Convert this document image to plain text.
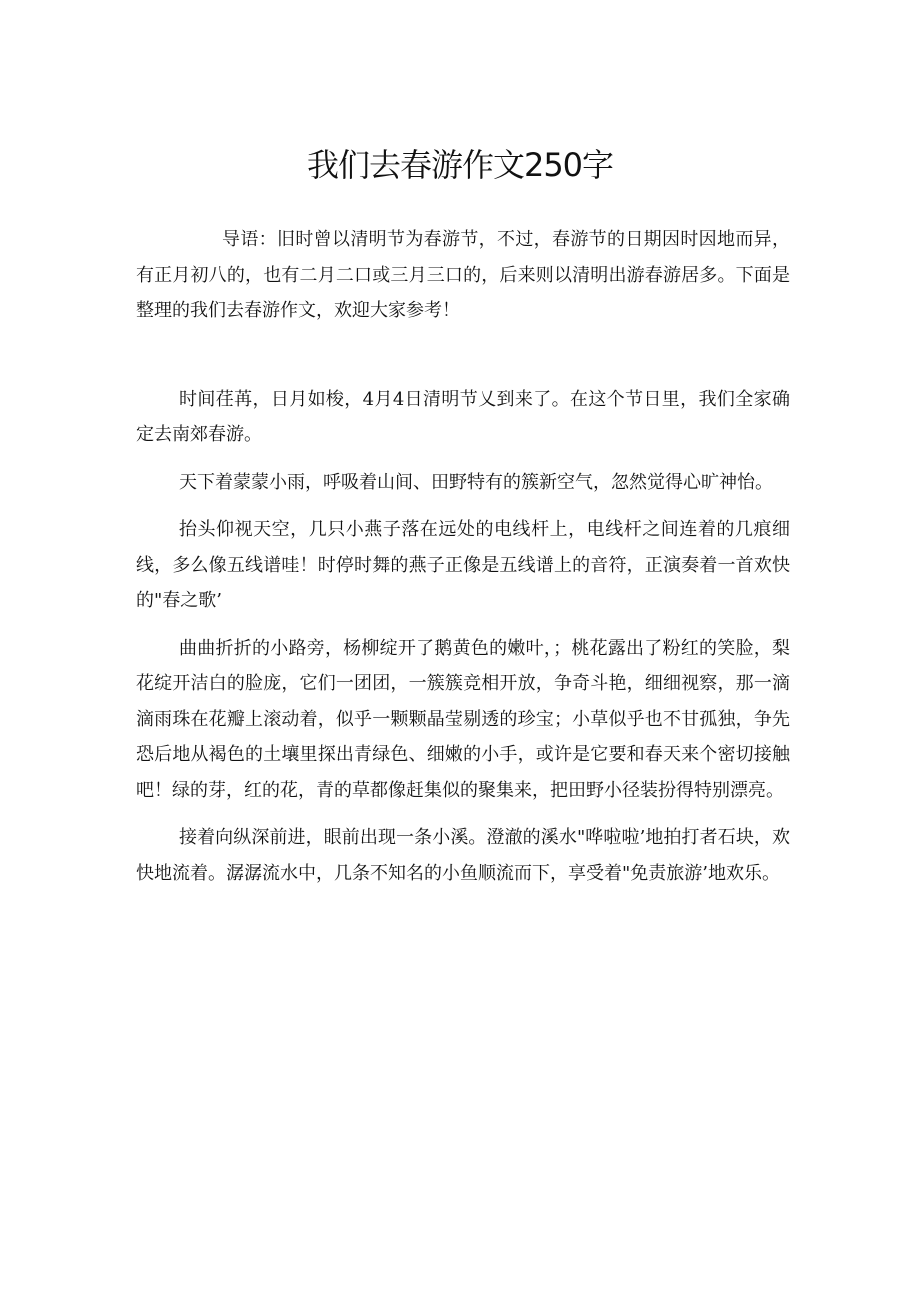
我们去春游作文250字

导语：旧时曾以清明节为春游节，不过，春游节的日期因时因地而异，有正月初八的，也有二月二口或三月三口的，后来则以清明出游春游居多。下面是整理的我们去春游作文，欢迎大家参考！

时间荏苒，日月如梭，4月4日清明节乂到来了。在这个节日里，我们全家确定去南郊春游。

天下着蒙蒙小雨，呼吸着山间、田野特有的簇新空气，忽然觉得心旷神怡。

抬头仰视天空，几只小燕子落在远处的电线杆上，电线杆之间连着的几痕细线，多么像五线谱哇！时停时舞的燕子正像是五线谱上的音符，正演奏着一首欢快的"春之歌’

曲曲折折的小路旁，杨柳绽开了鹅黄色的嫩叶，；桃花露出了粉红的笑脸，梨花绽开洁白的脸庞，它们一团团，一簇簇竞相开放，争奇斗艳，细细视察，那一滴滴雨珠在花瓣上滚动着，似乎一颗颗晶莹剔透的珍宝；小草似乎也不甘孤独，争先恐后地从褐色的土壤里探出青绿色、细嫩的小手，或许是它要和春天来个密切接触吧！绿的芽，红的花，青的草都像赶集似的聚集来，把田野小径装扮得特别漂亮。

接着向纵深前进，眼前出现一条小溪。澄澈的溪水"哗啦啦’地拍打者石块，欢快地流着。潺潺流水中，几条不知名的小鱼顺流而下，享受着"免责旅游’地欢乐。
